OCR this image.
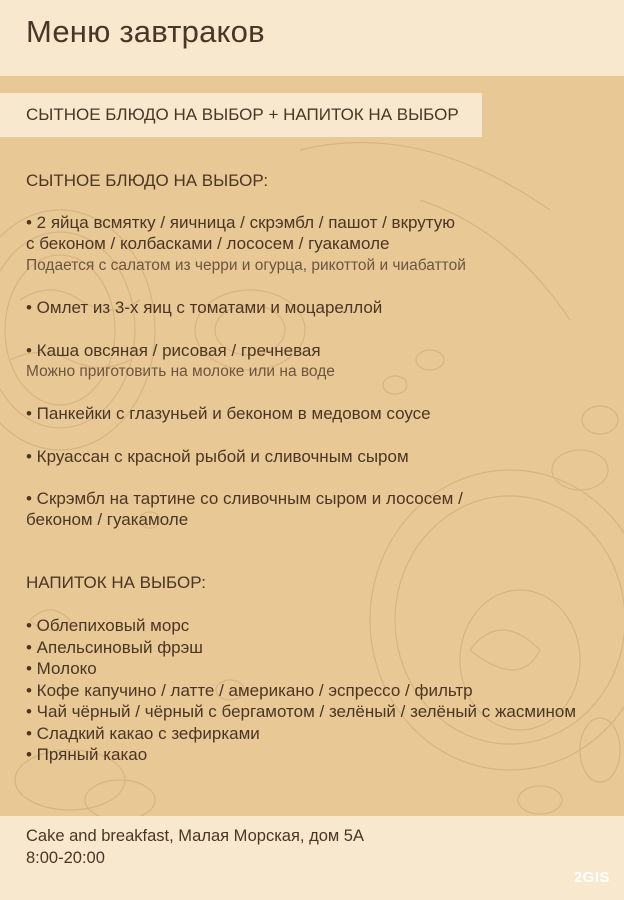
Меню завтраков
СЫТНОЕ БЛЮДО НА ВЫБОР + НАПИТОК НА ВЫБОР

СЫТНОЕ БЛЮДО НА ВЫБОР:

• 2 яйца всмятку / яичница / скрэмбл / пашот / вкрутую
с беконом / колбасками / лососем / гуакамоле

Подается с салатом из черри и огурца, рикоттой и чиабаттой

• Омлет из 3-х яиц с томатами и моцареллой

• Каша овсяная / рисовая / гречневая

Можно приготовить на молоке или на воде

• Панкейки с глазуньей и беконом в медовом соусе

• Круассан с красной рыбой и сливочным сыром

• Скрэмбл на тартине со сливочным сыром и лососем /
беконом / гуакамоле

НАПИТОК НА ВЫБОР:

• Облепиховый морс
• Апельсиновый фрэш
• Молоко
• Кофе капучино / латте / американо / эспрессо / фильтр
• Чай чёрный / чёрный с бергамотом / зелёный / зелёный с жасмином
• Сладкий какао с зефирками
• Пряный какао
Cake and breakfast, Малая Морская, дом 5А
8:00-20:00
2GIS
